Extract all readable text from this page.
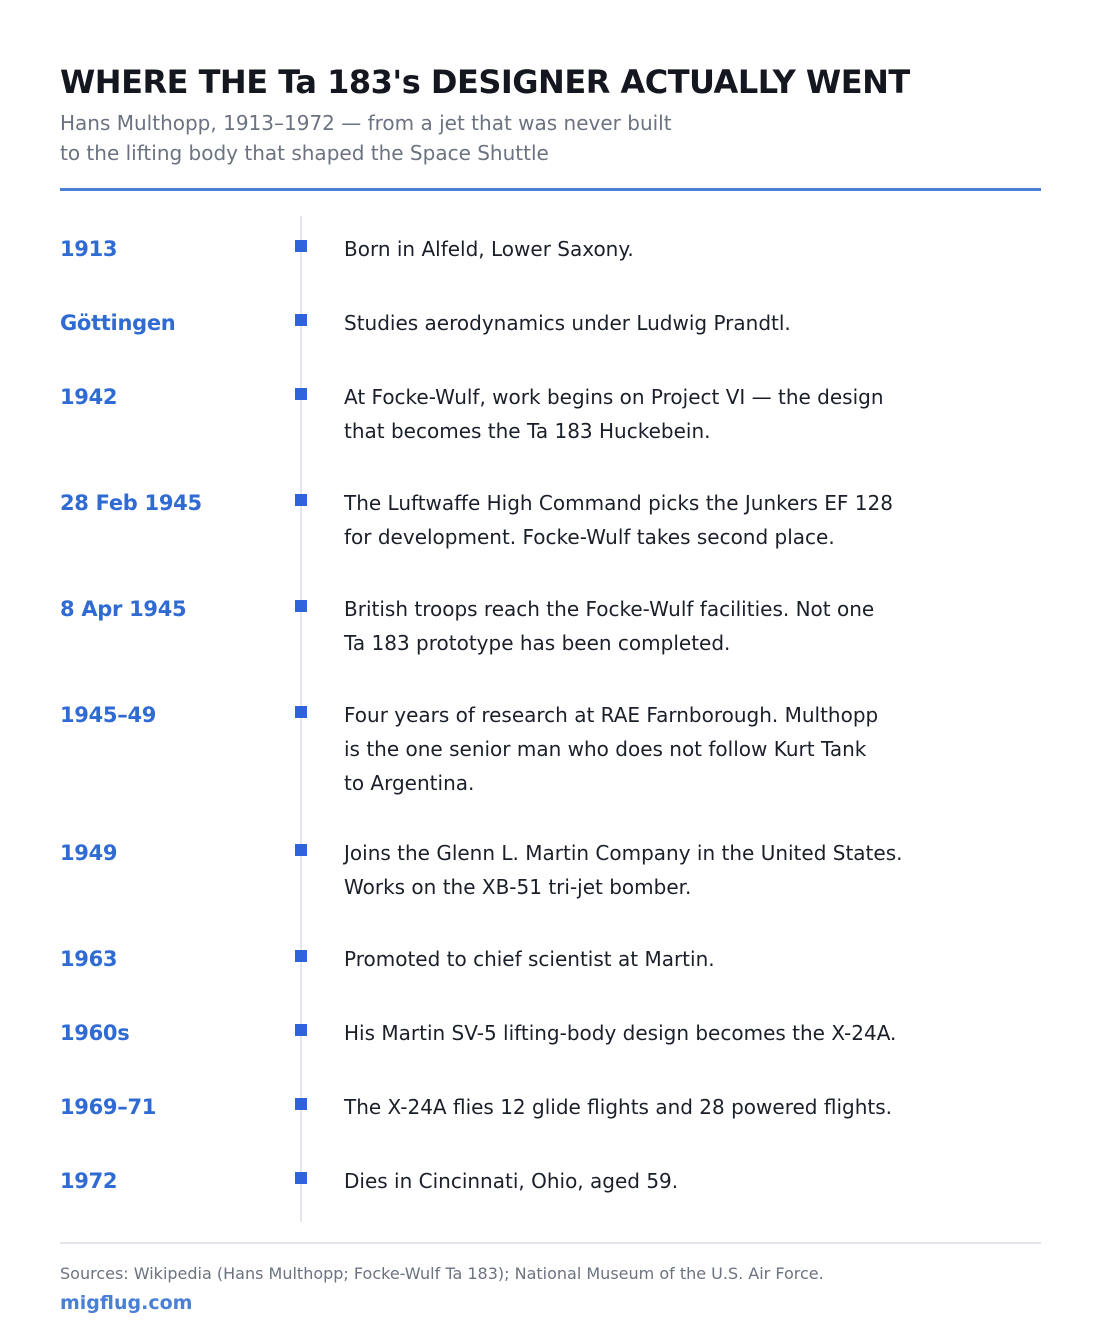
WHERE THE Ta 183's DESIGNER ACTUALLY WENT
Hans Multhopp, 1913–1972 — from a jet that was never built
to the lifting body that shaped the Space Shuttle
1913	Born in Alfeld, Lower Saxony.
Göttingen	Studies aerodynamics under Ludwig Prandtl.
1942	At Focke-Wulf, work begins on Project VI — the design
that becomes the Ta 183 Huckebein.
28 Feb 1945	The Luftwaffe High Command picks the Junkers EF 128
for development. Focke-Wulf takes second place.
8 Apr 1945	British troops reach the Focke-Wulf facilities. Not one
Ta 183 prototype has been completed.
1945–49	Four years of research at RAE Farnborough. Multhopp
is the one senior man who does not follow Kurt Tank
to Argentina.
1949	Joins the Glenn L. Martin Company in the United States.
Works on the XB-51 tri-jet bomber.
1963	Promoted to chief scientist at Martin.
1960s	His Martin SV-5 lifting-body design becomes the X-24A.
1969–71	The X-24A flies 12 glide flights and 28 powered flights.
1972	Dies in Cincinnati, Ohio, aged 59.
Sources: Wikipedia (Hans Multhopp; Focke-Wulf Ta 183); National Museum of the U.S. Air Force.
migflug.com
